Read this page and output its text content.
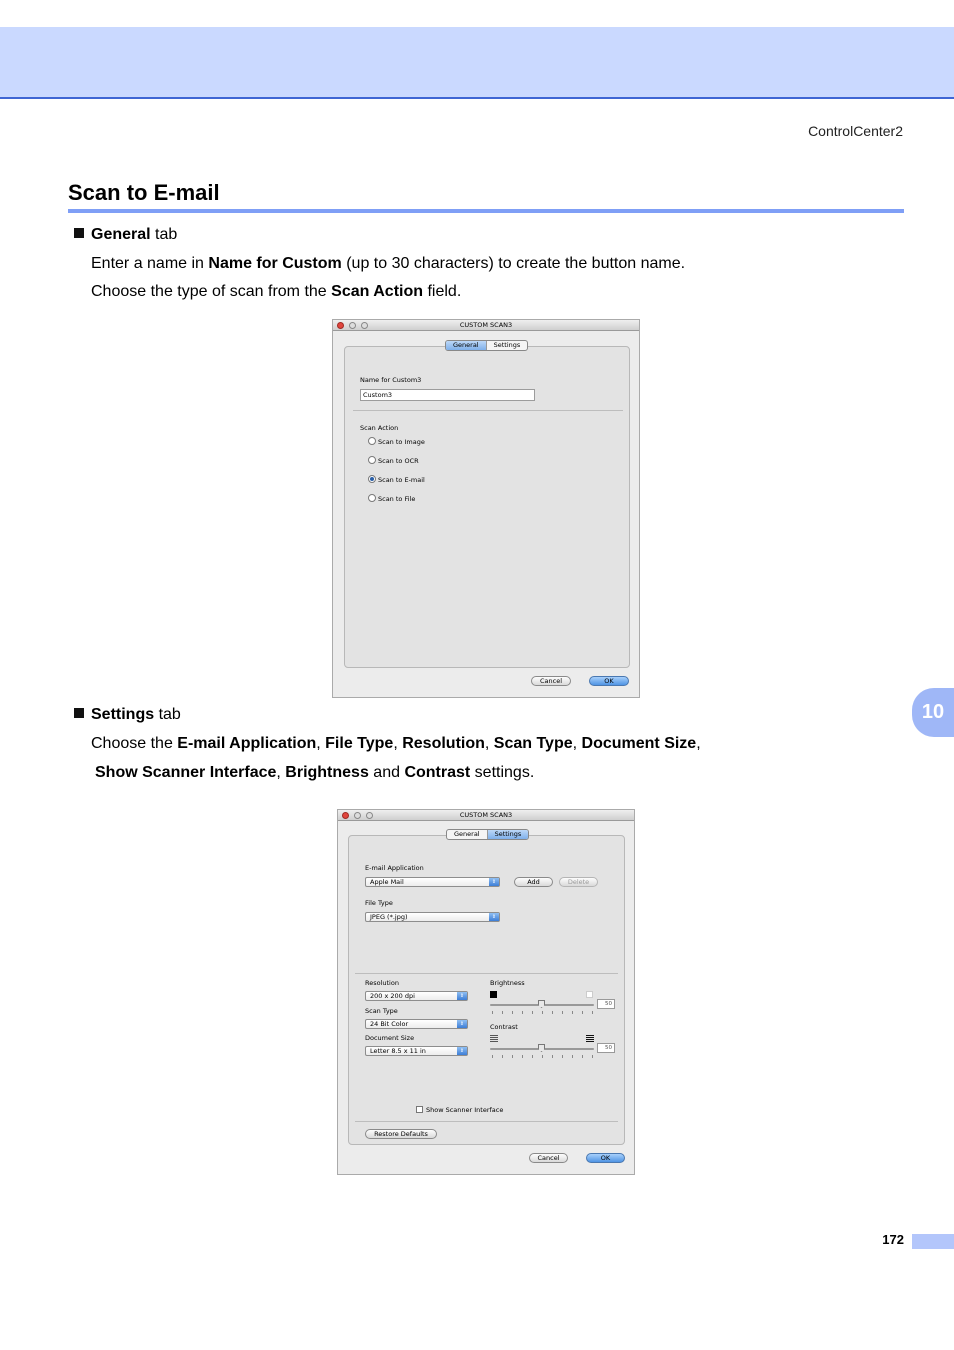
ControlCenter2
Scan to E-mail
General tab
Enter a name in Name for Custom (up to 30 characters) to create the button name.
Choose the type of scan from the Scan Action field.
CUSTOM SCAN3
General	Settings
Name for Custom3
Custom3
Scan Action
Scan to Image
Scan to OCR
Scan to E-mail
Scan to File
Cancel	OK
10
Settings tab
Choose the E-mail Application, File Type, Resolution, Scan Type, Document Size,
Show Scanner Interface, Brightness and Contrast settings.
CUSTOM SCAN3
General	Settings
E-mail Application
Apple Mail	⇕	Add	Delete
File Type
JPEG (*.jpg)	⇕
Resolution
200 x 200 dpi	⇕
Scan Type
24 Bit Color	⇕
Document Size
Letter 8.5 x 11 in	⇕
Brightness
50
Contrast
50
Show Scanner Interface
Restore Defaults
Cancel	OK
172
